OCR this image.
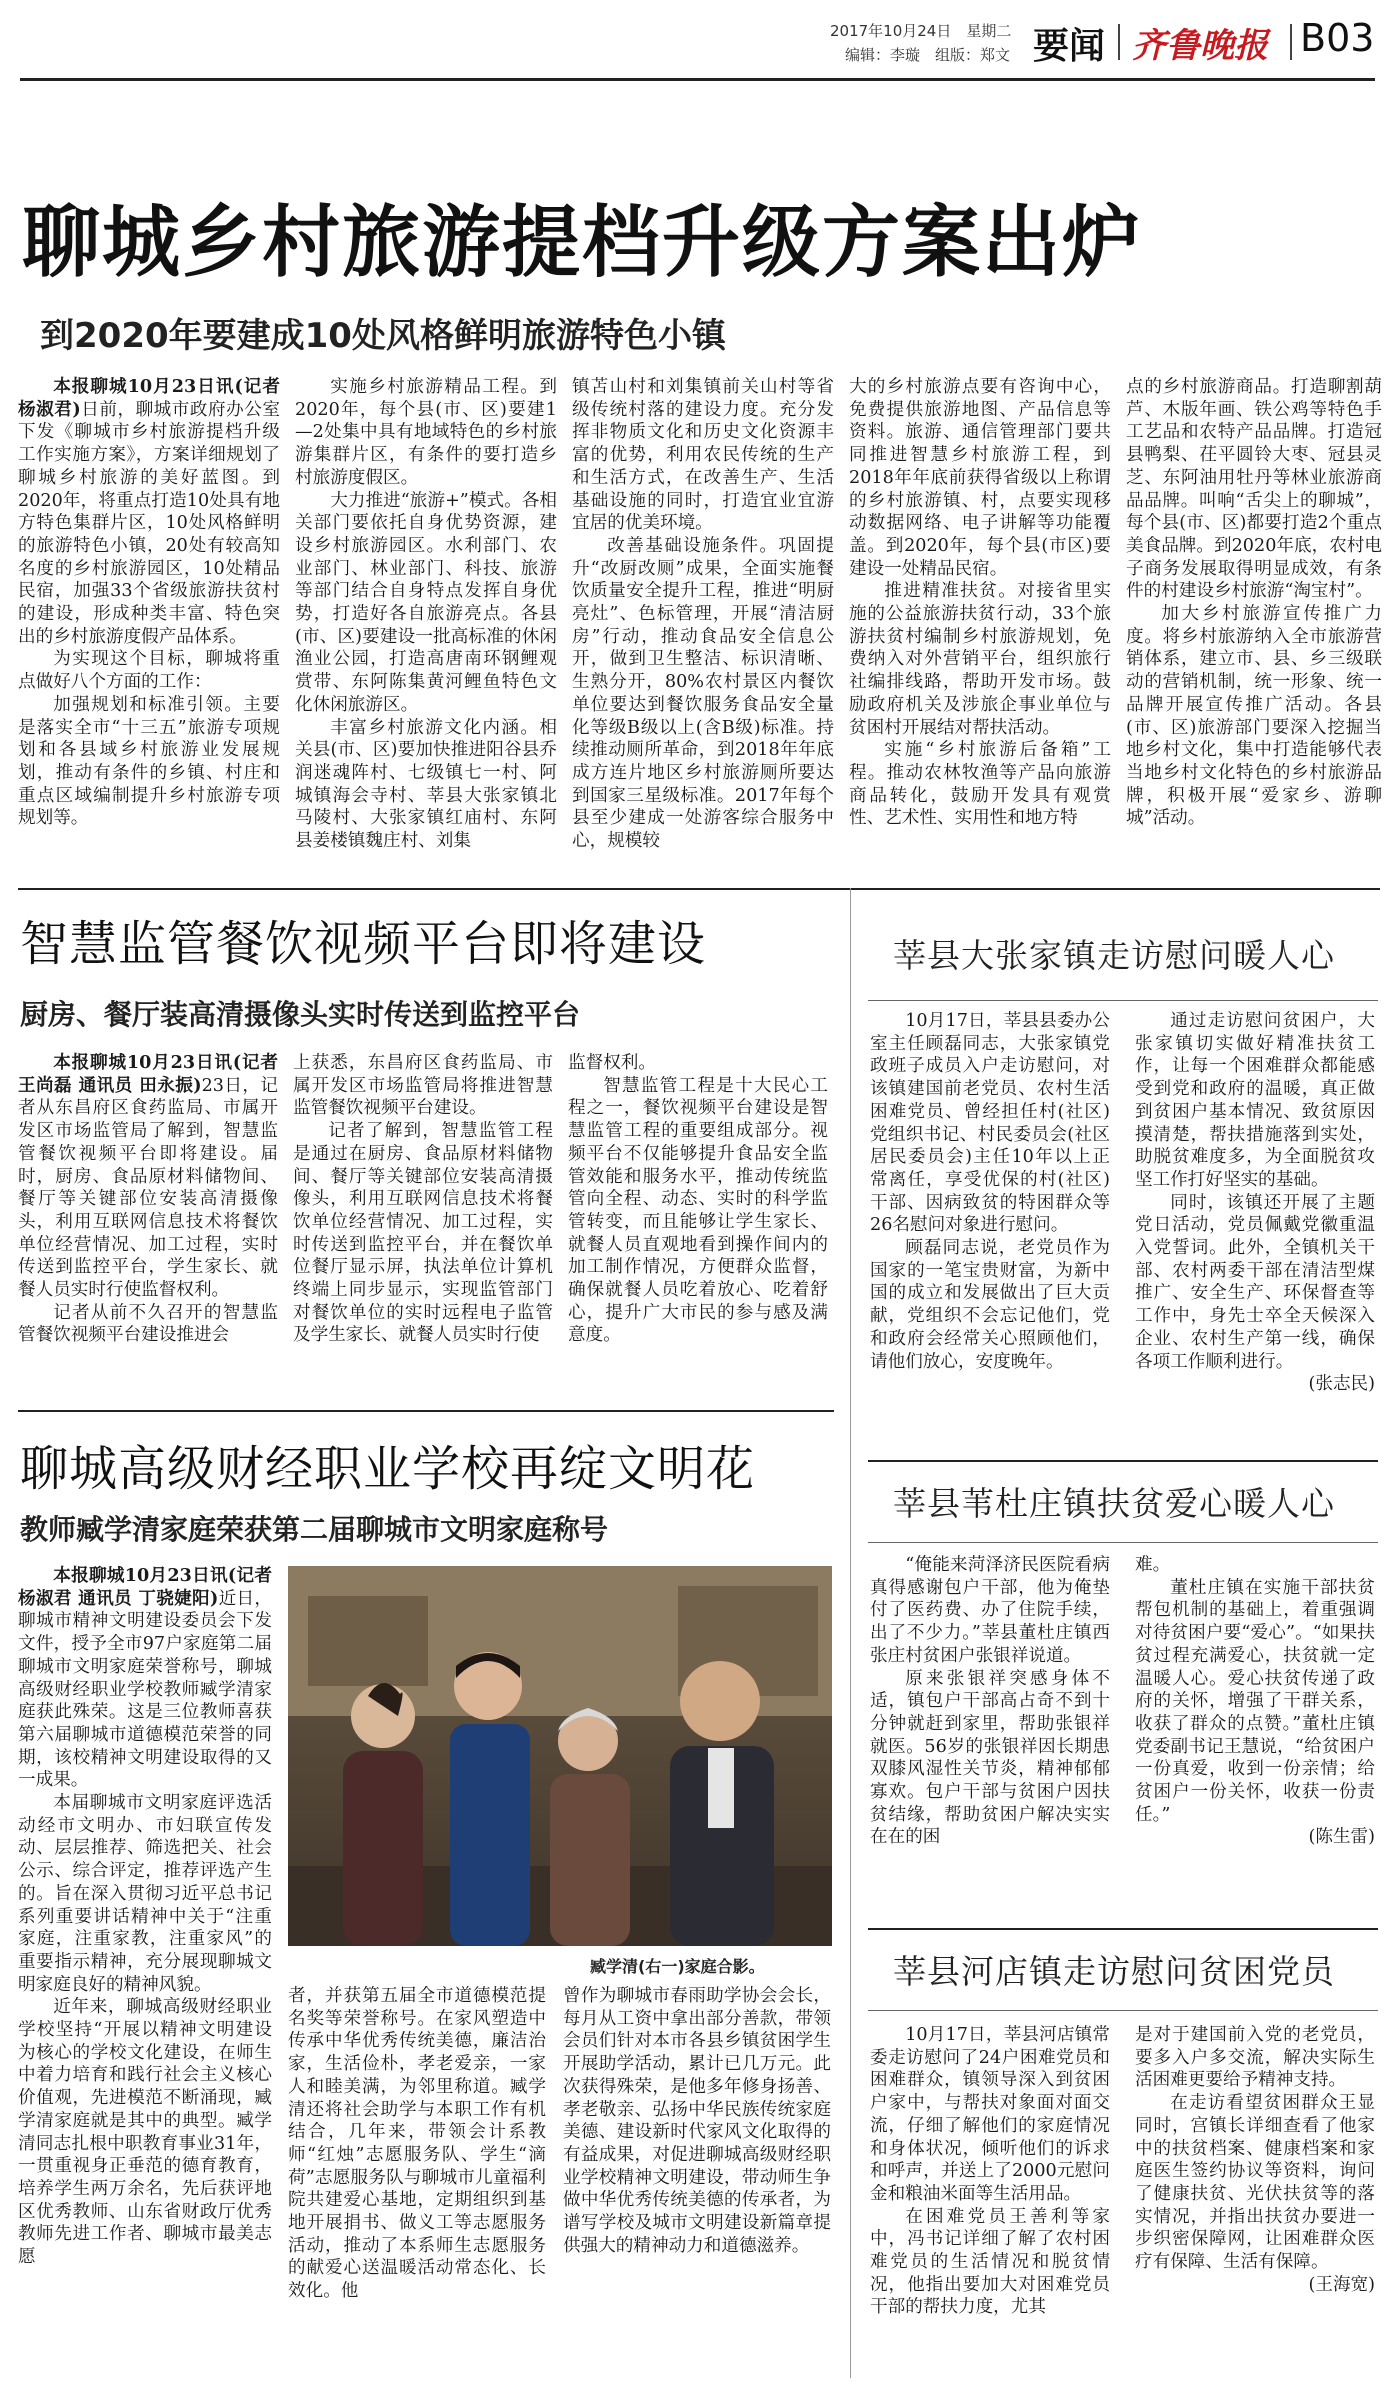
2017年10月24日　星期二
编辑：李璇　组版：郑文 要闻 齐鲁晚报 B03
聊城乡村旅游提档升级方案出炉
到2020年要建成10处风格鲜明旅游特色小镇

本报聊城10月23日讯(记者 杨淑君)日前，聊城市政府办公室下发《聊城市乡村旅游提档升级工作实施方案》，方案详细规划了聊城乡村旅游的美好蓝图。到2020年，将重点打造10处具有地方特色集群片区，10处风格鲜明的旅游特色小镇，20处有较高知名度的乡村旅游园区，10处精品民宿，加强33个省级旅游扶贫村的建设，形成种类丰富、特色突出的乡村旅游度假产品体系。

为实现这个目标，聊城将重点做好八个方面的工作：

加强规划和标准引领。主要是落实全市“十三五”旅游专项规划和各县域乡村旅游业发展规划，推动有条件的乡镇、村庄和重点区域编制提升乡村旅游专项规划等。

实施乡村旅游精品工程。到2020年，每个县(市、区)要建1—2处集中具有地域特色的乡村旅游集群片区，有条件的要打造乡村旅游度假区。

大力推进“旅游+”模式。各相关部门要依托自身优势资源，建设乡村旅游园区。水利部门、农业部门、林业部门、科技、旅游等部门结合自身特点发挥自身优势，打造好各自旅游亮点。各县(市、区)要建设一批高标准的休闲渔业公园，打造高唐南环钢鲤观赏带、东阿陈集黄河鲤鱼特色文化休闲旅游区。

丰富乡村旅游文化内涵。相关县(市、区)要加快推进阳谷县乔润迷魂阵村、七级镇七一村、阿城镇海会寺村、莘县大张家镇北马陵村、大张家镇红庙村、东阿县姜楼镇魏庄村、刘集

镇苫山村和刘集镇前关山村等省级传统村落的建设力度。充分发挥非物质文化和历史文化资源丰富的优势，利用农民传统的生产和生活方式，在改善生产、生活基础设施的同时，打造宜业宜游宜居的优美环境。

改善基础设施条件。巩固提升“改厨改厕”成果，全面实施餐饮质量安全提升工程，推进“明厨亮灶”、色标管理，开展“清洁厨房”行动，推动食品安全信息公开，做到卫生整洁、标识清晰、生熟分开，80%农村景区内餐饮单位要达到餐饮服务食品安全量化等级B级以上(含B级)标准。持续推动厕所革命，到2018年年底成方连片地区乡村旅游厕所要达到国家三星级标准。2017年每个县至少建成一处游客综合服务中心，规模较

大的乡村旅游点要有咨询中心，免费提供旅游地图、产品信息等资料。旅游、通信管理部门要共同推进智慧乡村旅游工程，到2018年年底前获得省级以上称谓的乡村旅游镇、村，点要实现移动数据网络、电子讲解等功能覆盖。到2020年，每个县(市区)要建设一处精品民宿。

推进精准扶贫。对接省里实施的公益旅游扶贫行动，33个旅游扶贫村编制乡村旅游规划，免费纳入对外营销平台，组织旅行社编排线路，帮助开发市场。鼓励政府机关及涉旅企事业单位与贫困村开展结对帮扶活动。

实施“乡村旅游后备箱”工程。推动农林牧渔等产品向旅游商品转化，鼓励开发具有观赏性、艺术性、实用性和地方特

点的乡村旅游商品。打造聊割葫芦、木版年画、铁公鸡等特色手工艺品和农特产品品牌。打造冠县鸭梨、茌平圆铃大枣、冠县灵芝、东阿油用牡丹等林业旅游商品品牌。叫响“舌尖上的聊城”，每个县(市、区)都要打造2个重点美食品牌。到2020年底，农村电子商务发展取得明显成效，有条件的村建设乡村旅游“淘宝村”。

加大乡村旅游宣传推广力度。将乡村旅游纳入全市旅游营销体系，建立市、县、乡三级联动的营销机制，统一形象、统一品牌开展宣传推广活动。各县(市、区)旅游部门要深入挖掘当地乡村文化，集中打造能够代表当地乡村文化特色的乡村旅游品牌，积极开展“爱家乡、游聊城”活动。

智慧监管餐饮视频平台即将建设
厨房、餐厅装高清摄像头实时传送到监控平台

本报聊城10月23日讯(记者 王尚磊 通讯员 田永振)23日，记者从东昌府区食药监局、市属开发区市场监管局了解到，智慧监管餐饮视频平台即将建设。届时，厨房、食品原材料储物间、餐厅等关键部位安装高清摄像头，利用互联网信息技术将餐饮单位经营情况、加工过程，实时传送到监控平台，学生家长、就餐人员实时行使监督权利。

记者从前不久召开的智慧监管餐饮视频平台建设推进会

上获悉，东昌府区食药监局、市属开发区市场监管局将推进智慧监管餐饮视频平台建设。

记者了解到，智慧监管工程是通过在厨房、食品原材料储物间、餐厅等关键部位安装高清摄像头，利用互联网信息技术将餐饮单位经营情况、加工过程，实时传送到监控平台，并在餐饮单位餐厅显示屏，执法单位计算机终端上同步显示，实现监管部门对餐饮单位的实时远程电子监管及学生家长、就餐人员实时行使

监督权利。

智慧监管工程是十大民心工程之一，餐饮视频平台建设是智慧监管工程的重要组成部分。视频平台不仅能够提升食品安全监管效能和服务水平，推动传统监管向全程、动态、实时的科学监管转变，而且能够让学生家长、就餐人员直观地看到操作间内的加工制作情况，方便群众监督，确保就餐人员吃着放心、吃着舒心，提升广大市民的参与感及满意度。

聊城高级财经职业学校再绽文明花
教师臧学清家庭荣获第二届聊城市文明家庭称号

本报聊城10月23日讯(记者 杨淑君 通讯员 丁骁婕阳)近日，聊城市精神文明建设委员会下发文件，授予全市97户家庭第二届聊城市文明家庭荣誉称号，聊城高级财经职业学校教师臧学清家庭获此殊荣。这是三位教师喜获第六届聊城市道德模范荣誉的同期，该校精神文明建设取得的又一成果。

本届聊城市文明家庭评选活动经市文明办、市妇联宣传发动、层层推荐、筛选把关、社会公示、综合评定，推荐评选产生的。旨在深入贯彻习近平总书记系列重要讲话精神中关于“注重家庭，注重家教，注重家风”的重要指示精神，充分展现聊城文明家庭良好的精神风貌。

近年来，聊城高级财经职业学校坚持“开展以精神文明建设为核心的学校文化建设，在师生中着力培育和践行社会主义核心价值观，先进模范不断涌现，臧学清家庭就是其中的典型。臧学清同志扎根中职教育事业31年，一贯重视身正垂范的德育教育，培养学生两万余名，先后获评地区优秀教师、山东省财政厅优秀教师先进工作者、聊城市最美志愿

臧学清(右一)家庭合影。

者，并获第五届全市道德模范提名奖等荣誉称号。在家风塑造中传承中华优秀传统美德，廉洁治家，生活俭朴，孝老爱亲，一家人和睦美满，为邻里称道。臧学清还将社会助学与本职工作有机结合，几年来，带领会计系教师“红烛”志愿服务队、学生“滴荷”志愿服务队与聊城市儿童福利院共建爱心基地，定期组织到基地开展捐书、做义工等志愿服务活动，推动了本系师生志愿服务的献爱心送温暖活动常态化、长效化。他

曾作为聊城市春雨助学协会会长，每月从工资中拿出部分善款，带领会员们针对本市各县乡镇贫困学生开展助学活动，累计已几万元。此次获得殊荣，是他多年修身扬善、孝老敬亲、弘扬中华民族传统家庭美德、建设新时代家风文化取得的有益成果，对促进聊城高级财经职业学校精神文明建设，带动师生争做中华优秀传统美德的传承者，为谱写学校及城市文明建设新篇章提供强大的精神动力和道德滋养。

莘县大张家镇走访慰问暖人心

10月17日，莘县县委办公室主任顾磊同志，大张家镇党政班子成员入户走访慰问，对该镇建国前老党员、农村生活困难党员、曾经担任村(社区)党组织书记、村民委员会(社区居民委员会)主任10年以上正常离任，享受优保的村(社区)干部、因病致贫的特困群众等26名慰问对象进行慰问。

顾磊同志说，老党员作为国家的一笔宝贵财富，为新中国的成立和发展做出了巨大贡献，党组织不会忘记他们，党和政府会经常关心照顾他们，请他们放心，安度晚年。

通过走访慰问贫困户，大张家镇切实做好精准扶贫工作，让每一个困难群众都能感受到党和政府的温暖，真正做到贫困户基本情况、致贫原因摸清楚，帮扶措施落到实处，助脱贫难度多，为全面脱贫攻坚工作打好坚实的基础。

同时，该镇还开展了主题党日活动，党员佩戴党徽重温入党誓词。此外，全镇机关干部、农村两委干部在清洁型煤推广、安全生产、环保督查等工作中，身先士卒全天候深入企业、农村生产第一线，确保各项工作顺利进行。

(张志民)

莘县苇杜庄镇扶贫爱心暖人心

“俺能来菏泽济民医院看病真得感谢包户干部，他为俺垫付了医药费、办了住院手续，出了不少力。”莘县董杜庄镇西张庄村贫困户张银祥说道。

原来张银祥突感身体不适，镇包户干部高占奇不到十分钟就赶到家里，帮助张银祥就医。56岁的张银祥因长期患双膝风湿性关节炎，精神郁郁寡欢。包户干部与贫困户因扶贫结缘，帮助贫困户解决实实在在的困

难。

董杜庄镇在实施干部扶贫帮包机制的基础上，着重强调对待贫困户要“爱心”。“如果扶贫过程充满爱心，扶贫就一定温暖人心。爱心扶贫传递了政府的关怀，增强了干群关系，收获了群众的点赞。”董杜庄镇党委副书记王慧说，“给贫困户一份真爱，收到一份亲情；给贫困户一份关怀，收获一份责任。”

(陈生雷)

莘县河店镇走访慰问贫困党员

10月17日，莘县河店镇常委走访慰问了24户困难党员和困难群众，镇领导深入到贫困户家中，与帮扶对象面对面交流，仔细了解他们的家庭情况和身体状况，倾听他们的诉求和呼声，并送上了2000元慰问金和粮油米面等生活用品。

在困难党员王善利等家中，冯书记详细了解了农村困难党员的生活情况和脱贫情况，他指出要加大对困难党员干部的帮扶力度，尤其

是对于建国前入党的老党员，要多入户多交流，解决实际生活困难更要给予精神支持。

在走访看望贫困群众王显同时，宫镇长详细查看了他家中的扶贫档案、健康档案和家庭医生签约协议等资料，询问了健康扶贫、光伏扶贫等的落实情况，并指出扶贫办要进一步织密保障网，让困难群众医疗有保障、生活有保障。

(王海宽)
